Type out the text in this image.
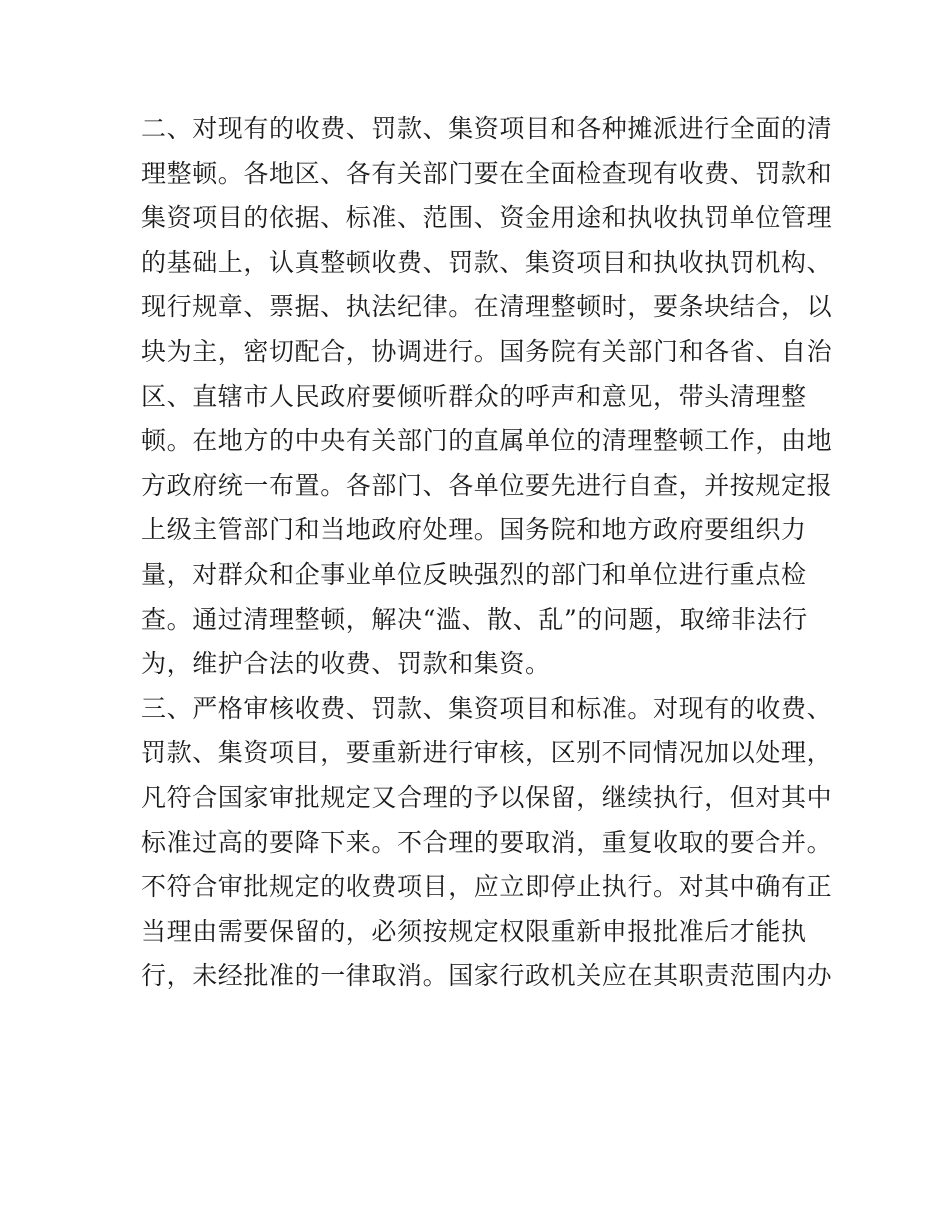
二、对现有的收费、罚款、集资项目和各种摊派进行全面的清
理整顿。各地区、各有关部门要在全面检查现有收费、罚款和
集资项目的依据、标准、范围、资金用途和执收执罚单位管理
的基础上，认真整顿收费、罚款、集资项目和执收执罚机构、
现行规章、票据、执法纪律。在清理整顿时，要条块结合，以
块为主，密切配合，协调进行。国务院有关部门和各省、自治
区、直辖市人民政府要倾听群众的呼声和意见，带头清理整
顿。在地方的中央有关部门的直属单位的清理整顿工作，由地
方政府统一布置。各部门、各单位要先进行自查，并按规定报
上级主管部门和当地政府处理。国务院和地方政府要组织力
量，对群众和企事业单位反映强烈的部门和单位进行重点检
查。通过清理整顿，解决“滥、散、乱”的问题，取缔非法行
为，维护合法的收费、罚款和集资。
三、严格审核收费、罚款、集资项目和标准。对现有的收费、
罚款、集资项目，要重新进行审核，区别不同情况加以处理，
凡符合国家审批规定又合理的予以保留，继续执行，但对其中
标准过高的要降下来。不合理的要取消，重复收取的要合并。
不符合审批规定的收费项目，应立即停止执行。对其中确有正
当理由需要保留的，必须按规定权限重新申报批准后才能执
行，未经批准的一律取消。国家行政机关应在其职责范围内办
